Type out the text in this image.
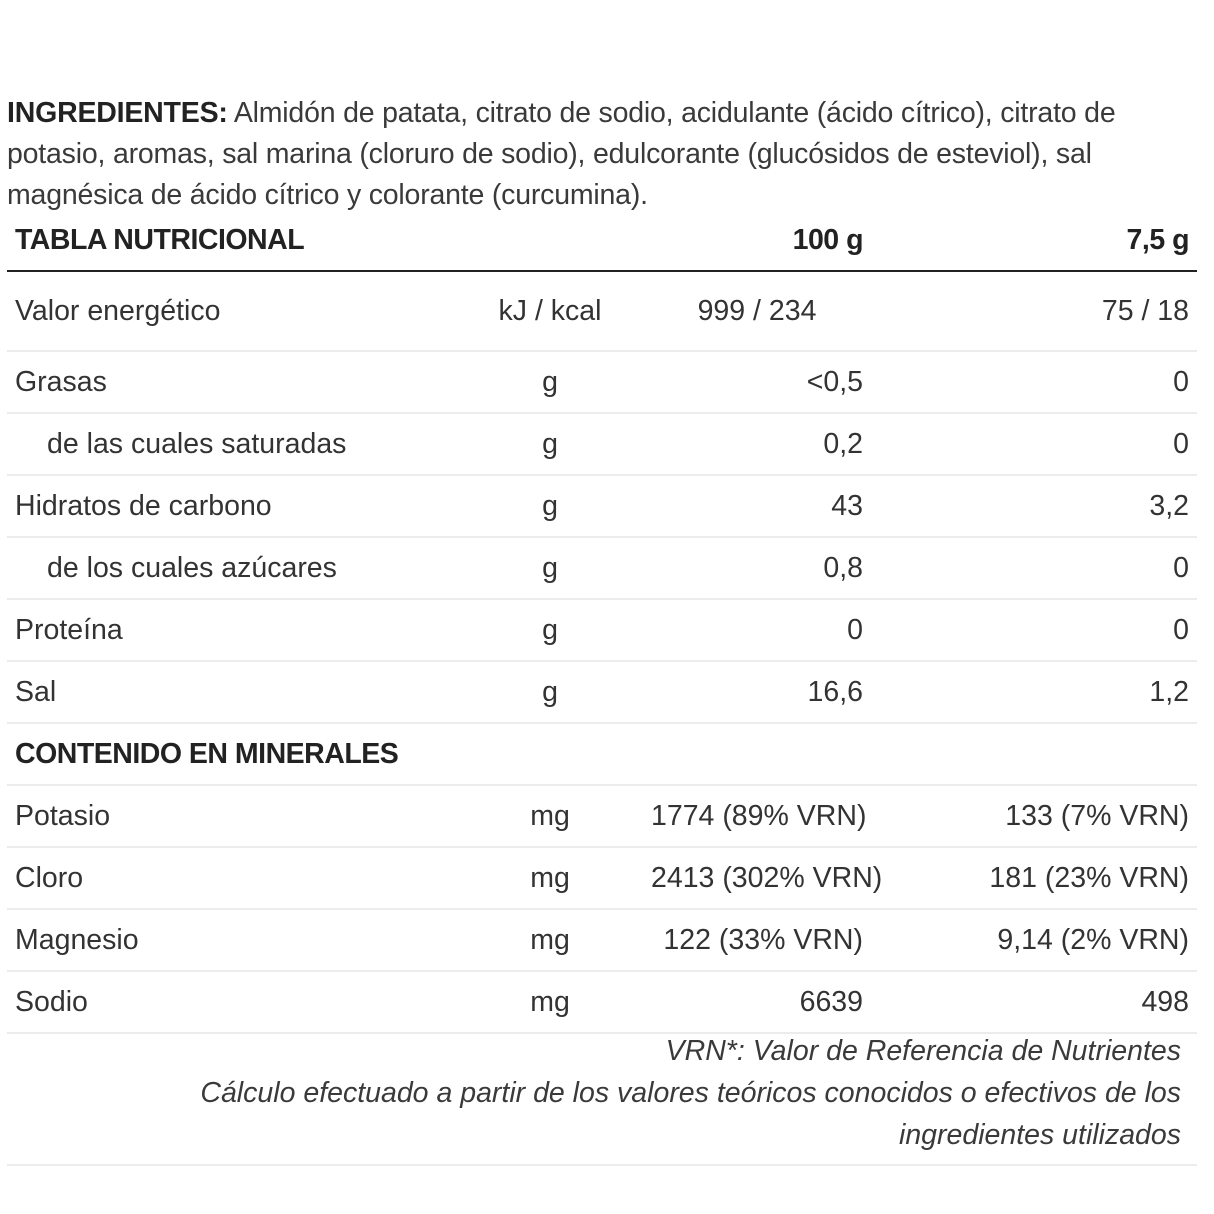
INGREDIENTES: Almidón de patata, citrato de sodio, acidulante (ácido cítrico), citrato de potasio, aromas, sal marina (cloruro de sodio), edulcorante (glucósidos de esteviol), sal magnésica de ácido cítrico y colorante (curcumina).

TABLA NUTRICIONAL		100 g	7,5 g
Valor energético	kJ / kcal	999 / 234	75 / 18
Grasas	g	<0,5	0
de las cuales saturadas	g	0,2	0
Hidratos de carbono	g	43	3,2
de los cuales azúcares	g	0,8	0
Proteína	g	0	0
Sal	g	16,6	1,2
CONTENIDO EN MINERALES			
Potasio	mg	1774 (89% VRN)	133 (7% VRN)
Cloro	mg	2413 (302% VRN)	181 (23% VRN)
Magnesio	mg	122 (33% VRN)	9,14 (2% VRN)
Sodio	mg	6639	498
VRN*: Valor de Referencia de Nutrientes
Cálculo efectuado a partir de los valores teóricos conocidos o efectivos de los
ingredientes utilizados
